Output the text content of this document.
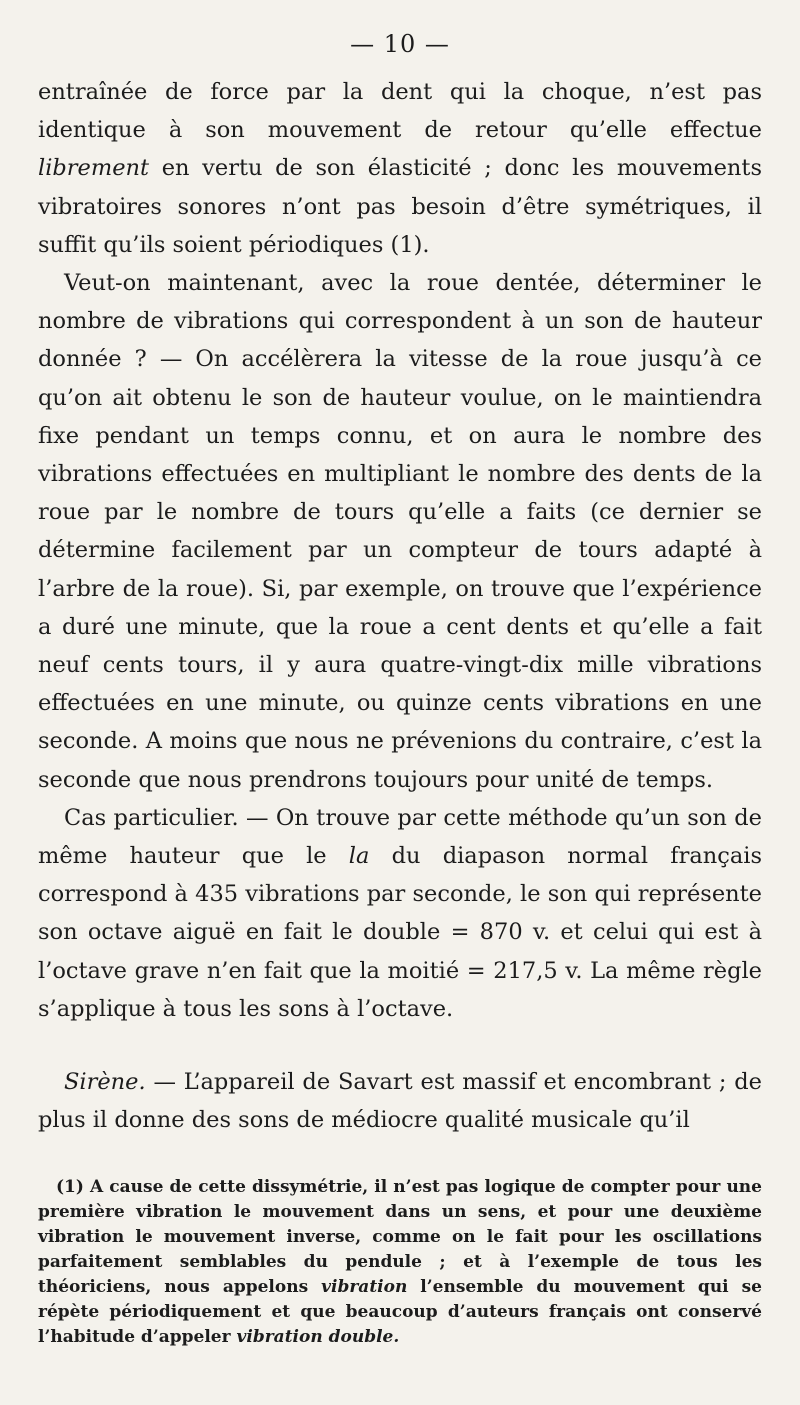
— 10 —

entraînée de force par la dent qui la choque, n’est pas identique à son mouvement de retour qu’elle effectue librement en vertu de son élasticité ; donc les mouvements vibratoires sonores n’ont pas besoin d’être symétriques, il suffit qu’ils soient périodiques (1).

Veut-on maintenant, avec la roue dentée, déterminer le nombre de vibrations qui correspondent à un son de hauteur donnée ? — On accélèrera la vitesse de la roue jusqu’à ce qu’on ait obtenu le son de hauteur voulue, on le maintiendra fixe pendant un temps connu, et on aura le nombre des vibrations effectuées en multipliant le nombre des dents de la roue par le nombre de tours qu’elle a faits (ce dernier se détermine facilement par un compteur de tours adapté à l’arbre de la roue). Si, par exemple, on trouve que l’expérience a duré une minute, que la roue a cent dents et qu’elle a fait neuf cents tours, il y aura quatre-vingt-dix mille vibrations effectuées en une minute, ou quinze cents vibrations en une seconde. A moins que nous ne prévenions du contraire, c’est la seconde que nous prendrons toujours pour unité de temps.

Cas particulier. — On trouve par cette méthode qu’un son de même hauteur que le la du diapason normal français correspond à 435 vibrations par seconde, le son qui représente son octave aiguë en fait le double = 870 v. et celui qui est à l’octave grave n’en fait que la moitié = 217,5 v. La même règle s’applique à tous les sons à l’octave.

Sirène. — L’appareil de Savart est massif et encombrant ; de plus il donne des sons de médiocre qualité musicale qu’il

(1) A cause de cette dissymétrie, il n’est pas logique de compter pour une première vibration le mouvement dans un sens, et pour une deuxième vibration le mouvement inverse, comme on le fait pour les oscillations parfaitement semblables du pendule ; et à l’exemple de tous les théoriciens, nous appelons vibration l’ensemble du mouvement qui se répète périodiquement et que beaucoup d’auteurs français ont conservé l’habitude d’appeler vibration double.
